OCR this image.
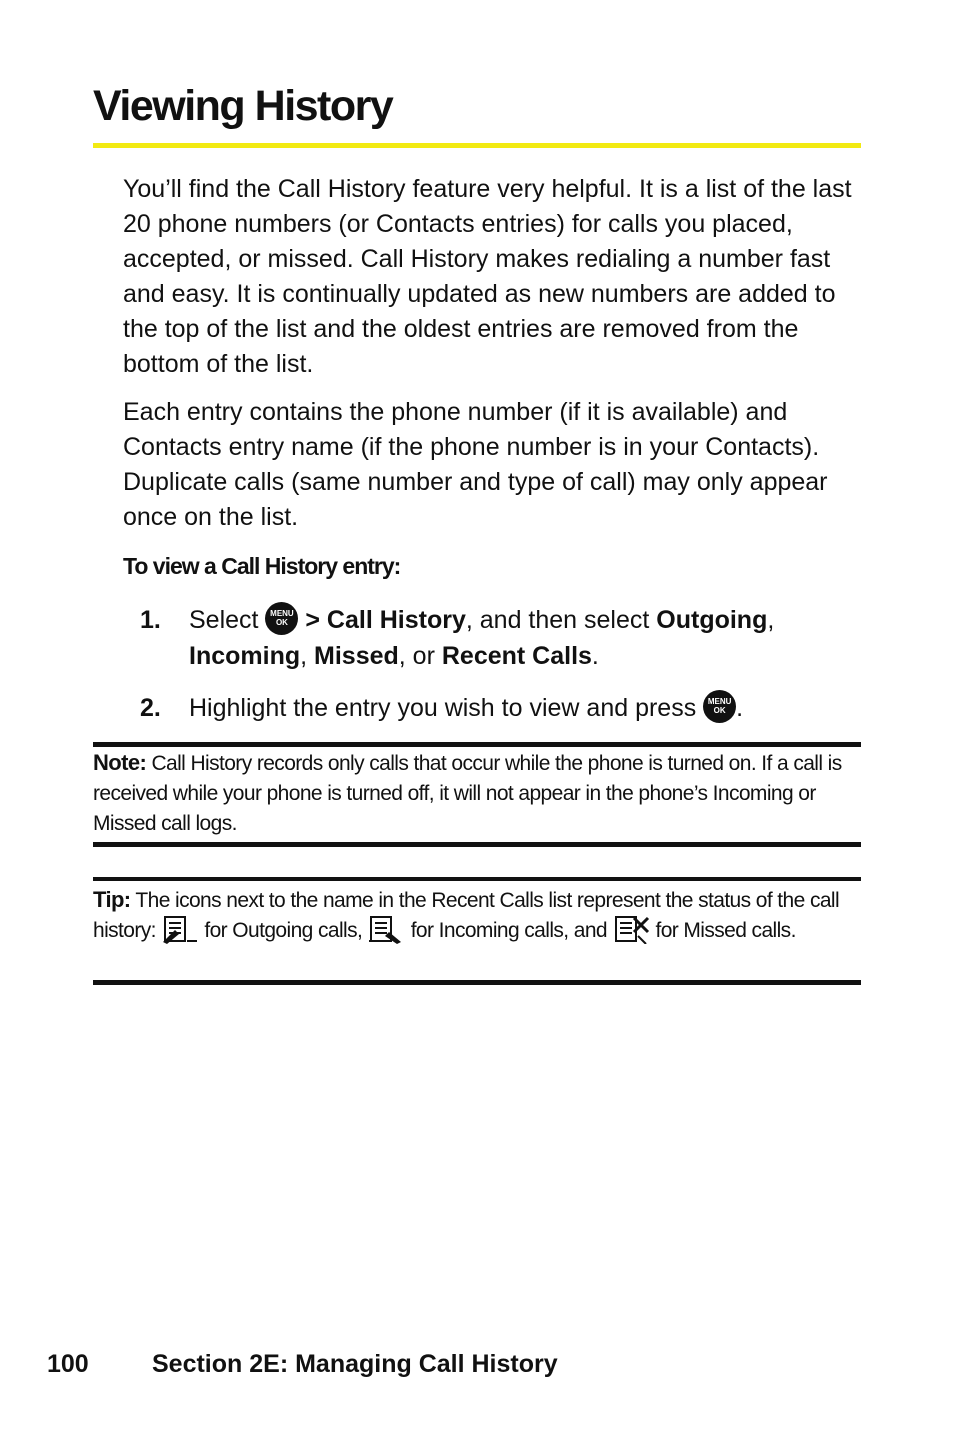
Viewing History

You’ll find the Call History feature very helpful. It is a list of the last 20 phone numbers (or Contacts entries) for calls you placed, accepted, or missed. Call History makes redialing a number fast and easy. It is continually updated as new numbers are added to the top of the list and the oldest entries are removed from the bottom of the list.

Each entry contains the phone number (if it is available) and Contacts entry name (if the phone number is in your Contacts). Duplicate calls (same number and type of call) may only appear once on the list.

To view a Call History entry:

1. Select MENU
OK > Call History, and then select Outgoing,
Incoming, Missed, or Recent Calls.
2. Highlight the entry you wish to view and press MENU
OK .
Note: Call History records only calls that occur while the phone is turned on. If a call is received while your phone is turned off, it will not appear in the phone’s Incoming or Missed call logs.
Tip: The icons next to the name in the Recent Calls list represent the status of the call history:  for Outgoing calls,  for Incoming calls, and  for Missed calls.
100	Section 2E: Managing Call History
